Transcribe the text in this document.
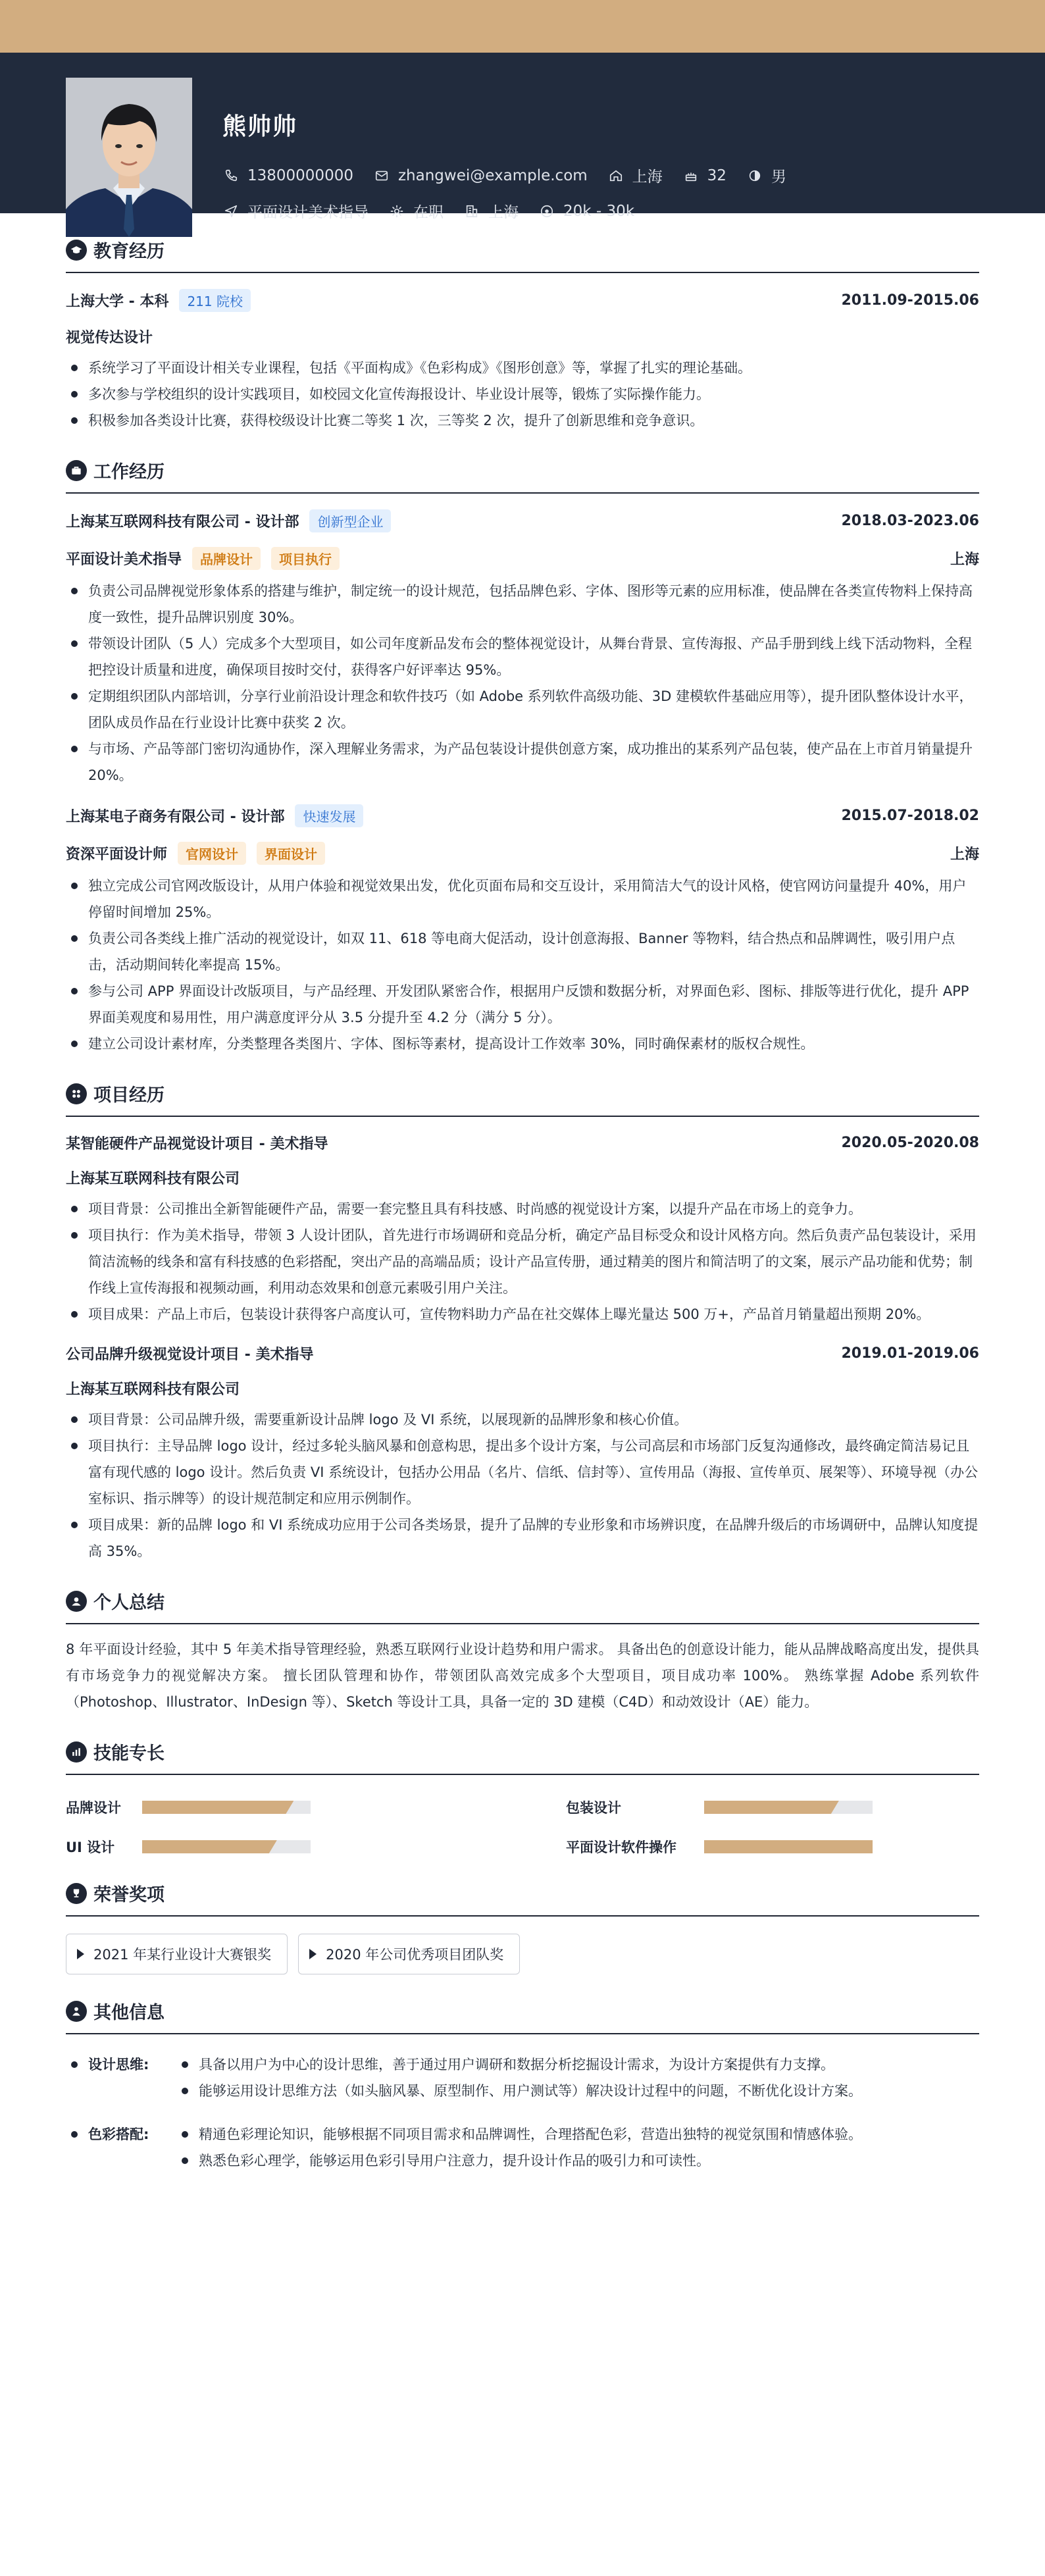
熊帅帅
13800000000	zhangwei@example.com	上海	32	男
平面设计美术指导	在职	上海	20k - 30k
教育经历
上海大学 - 本科	211 院校	2011.09-2015.06
视觉传达设计
系统学习了平面设计相关专业课程，包括《平面构成》《色彩构成》《图形创意》等，掌握了扎实的理论基础。
多次参与学校组织的设计实践项目，如校园文化宣传海报设计、毕业设计展等，锻炼了实际操作能力。
积极参加各类设计比赛，获得校级设计比赛二等奖 1 次，三等奖 2 次，提升了创新思维和竞争意识。
工作经历
上海某互联网科技有限公司 - 设计部	创新型企业	2018.03-2023.06
平面设计美术指导	品牌设计	项目执行	上海
负责公司品牌视觉形象体系的搭建与维护，制定统一的设计规范，包括品牌色彩、字体、图形等元素的应用标准，使品牌在各类宣传物料上保持高度一致性，提升品牌识别度 30%。
带领设计团队（5 人）完成多个大型项目，如公司年度新品发布会的整体视觉设计，从舞台背景、宣传海报、产品手册到线上线下活动物料，全程把控设计质量和进度，确保项目按时交付，获得客户好评率达 95%。
定期组织团队内部培训，分享行业前沿设计理念和软件技巧（如 Adobe 系列软件高级功能、3D 建模软件基础应用等），提升团队整体设计水平，团队成员作品在行业设计比赛中获奖 2 次。
与市场、产品等部门密切沟通协作，深入理解业务需求，为产品包装设计提供创意方案，成功推出的某系列产品包装，使产品在上市首月销量提升 20%。
上海某电子商务有限公司 - 设计部	快速发展	2015.07-2018.02
资深平面设计师	官网设计	界面设计	上海
独立完成公司官网改版设计，从用户体验和视觉效果出发，优化页面布局和交互设计，采用简洁大气的设计风格，使官网访问量提升 40%，用户停留时间增加 25%。
负责公司各类线上推广活动的视觉设计，如双 11、618 等电商大促活动，设计创意海报、Banner 等物料，结合热点和品牌调性，吸引用户点击，活动期间转化率提高 15%。
参与公司 APP 界面设计改版项目，与产品经理、开发团队紧密合作，根据用户反馈和数据分析，对界面色彩、图标、排版等进行优化，提升 APP 界面美观度和易用性，用户满意度评分从 3.5 分提升至 4.2 分（满分 5 分）。
建立公司设计素材库，分类整理各类图片、字体、图标等素材，提高设计工作效率 30%，同时确保素材的版权合规性。
项目经历
某智能硬件产品视觉设计项目 - 美术指导	2020.05-2020.08
上海某互联网科技有限公司
项目背景：公司推出全新智能硬件产品，需要一套完整且具有科技感、时尚感的视觉设计方案，以提升产品在市场上的竞争力。
项目执行：作为美术指导，带领 3 人设计团队，首先进行市场调研和竞品分析，确定产品目标受众和设计风格方向。然后负责产品包装设计，采用简洁流畅的线条和富有科技感的色彩搭配，突出产品的高端品质；设计产品宣传册，通过精美的图片和简洁明了的文案，展示产品功能和优势；制作线上宣传海报和视频动画，利用动态效果和创意元素吸引用户关注。
项目成果：产品上市后，包装设计获得客户高度认可，宣传物料助力产品在社交媒体上曝光量达 500 万+，产品首月销量超出预期 20%。
公司品牌升级视觉设计项目 - 美术指导	2019.01-2019.06
上海某互联网科技有限公司
项目背景：公司品牌升级，需要重新设计品牌 logo 及 VI 系统，以展现新的品牌形象和核心价值。
项目执行：主导品牌 logo 设计，经过多轮头脑风暴和创意构思，提出多个设计方案，与公司高层和市场部门反复沟通修改，最终确定简洁易记且富有现代感的 logo 设计。然后负责 VI 系统设计，包括办公用品（名片、信纸、信封等）、宣传用品（海报、宣传单页、展架等）、环境导视（办公室标识、指示牌等）的设计规范制定和应用示例制作。
项目成果：新的品牌 logo 和 VI 系统成功应用于公司各类场景，提升了品牌的专业形象和市场辨识度，在品牌升级后的市场调研中，品牌认知度提高 35%。
个人总结

8 年平面设计经验，其中 5 年美术指导管理经验，熟悉互联网行业设计趋势和用户需求。 具备出色的创意设计能力，能从品牌战略高度出发，提供具有市场竞争力的视觉解决方案。 擅长团队管理和协作，带领团队高效完成多个大型项目，项目成功率 100%。 熟练掌握 Adobe 系列软件（Photoshop、Illustrator、InDesign 等）、Sketch 等设计工具，具备一定的 3D 建模（C4D）和动效设计（AE）能力。

技能专长
品牌设计	包装设计
UI 设计	平面设计软件操作
荣誉奖项
2021 年某行业设计大赛银奖	2020 年公司优秀项目团队奖
其他信息
设计思维:	具备以用户为中心的设计思维，善于通过用户调研和数据分析挖掘设计需求，为设计方案提供有力支撑。
能够运用设计思维方法（如头脑风暴、原型制作、用户测试等）解决设计过程中的问题，不断优化设计方案。
色彩搭配:	精通色彩理论知识，能够根据不同项目需求和品牌调性，合理搭配色彩，营造出独特的视觉氛围和情感体验。
熟悉色彩心理学，能够运用色彩引导用户注意力，提升设计作品的吸引力和可读性。
